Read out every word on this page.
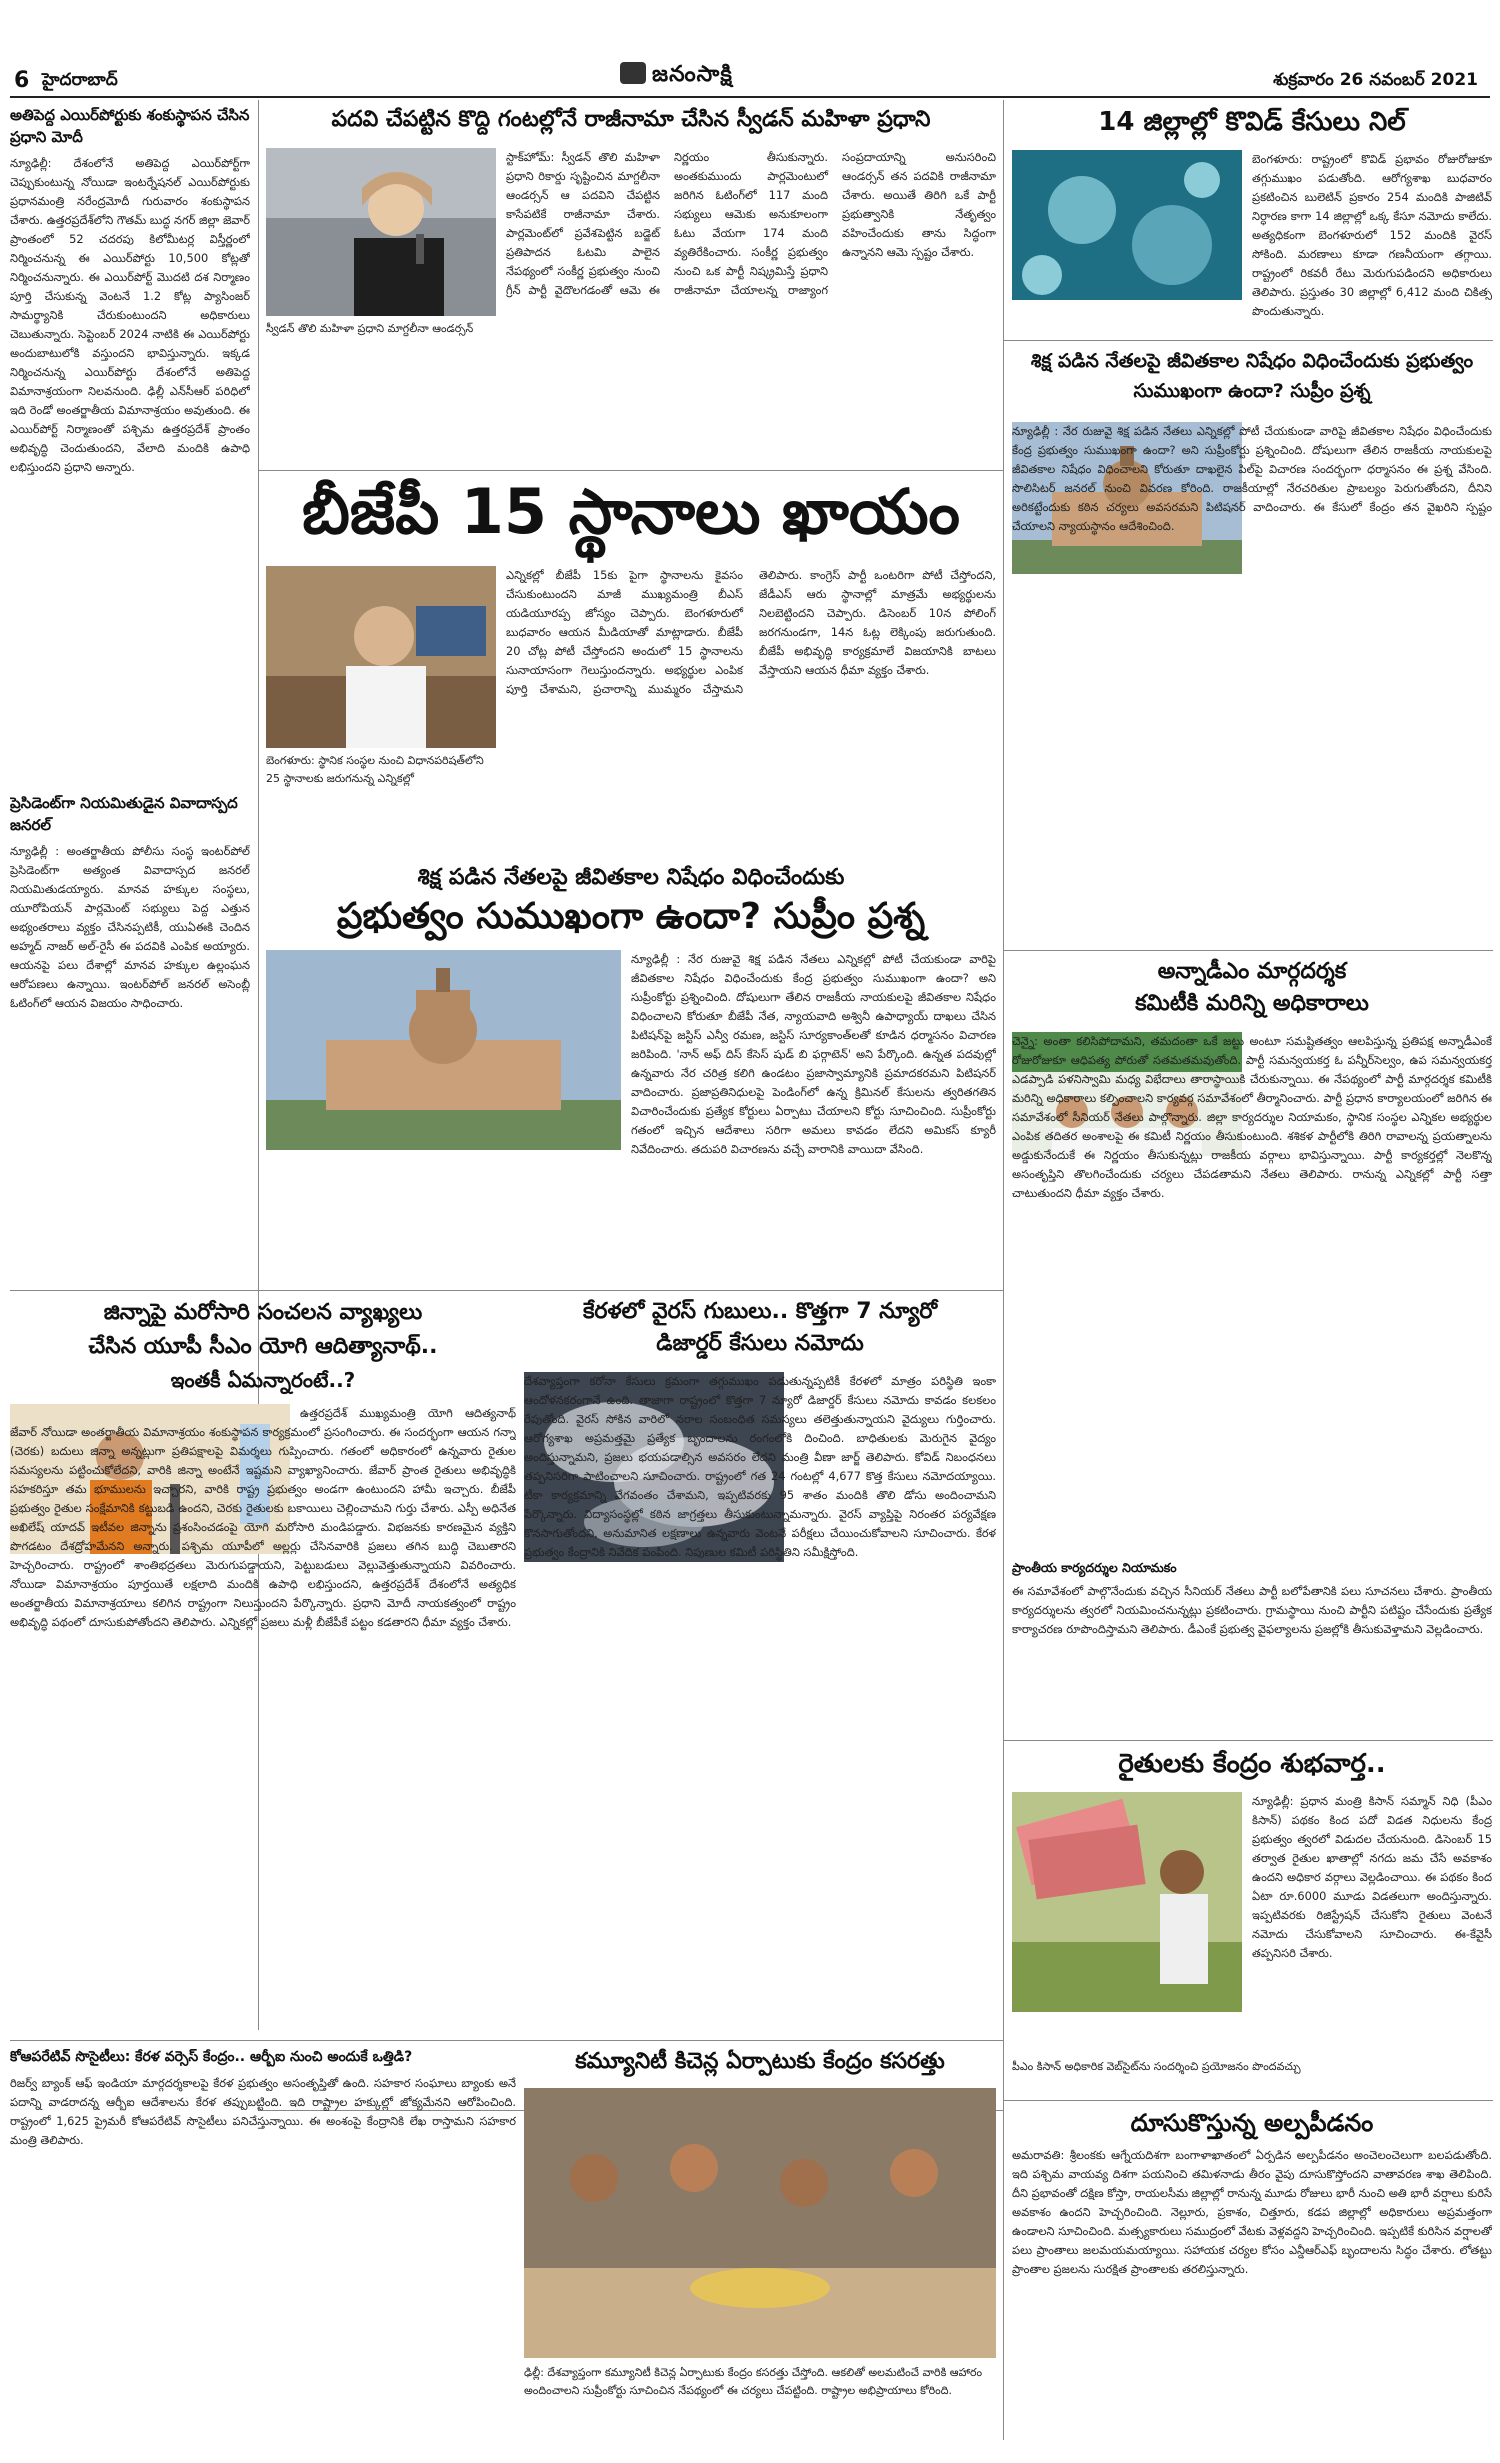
6 హైదరాబాద్	జనంసాక్షి	శుక్రవారం 26 నవంబర్ 2021
అతిపెద్ద ఎయిర్‌పోర్టుకు శంకుస్థాపన చేసిన ప్రధాని మోదీ
న్యూఢిల్లీ: దేశంలోనే అతిపెద్ద ఎయిర్‌పోర్ట్‌గా చెప్పుకుంటున్న నోయిడా ఇంటర్నేషనల్ ఎయిర్‌పోర్టుకు ప్రధానమంత్రి నరేంద్రమోదీ గురువారం శంకుస్థాపన చేశారు. ఉత్తరప్రదేశ్‌లోని గౌతమ్ బుద్ధ నగర్ జిల్లా జెవార్ ప్రాంతంలో 52 చదరపు కిలోమీటర్ల విస్తీర్ణంలో నిర్మించనున్న ఈ ఎయిర్‌పోర్టు 10,500 కోట్లతో నిర్మించనున్నారు. ఈ ఎయిర్‌పోర్ట్ మొదటి దశ నిర్మాణం పూర్తి చేసుకున్న వెంటనే 1.2 కోట్ల ప్యాసింజర్ సామర్థ్యానికి చేరుకుంటుందని అధికారులు చెబుతున్నారు. సెప్టెంబర్ 2024 నాటికి ఈ ఎయిర్‌పోర్టు అందుబాటులోకి వస్తుందని భావిస్తున్నారు. ఇక్కడ నిర్మించనున్న ఎయిర్‌పోర్టు దేశంలోనే అతిపెద్ద విమానాశ్రయంగా నిలవనుంది. ఢిల్లీ ఎన్‌సీఆర్ పరిధిలో ఇది రెండో అంతర్జాతీయ విమానాశ్రయం అవుతుంది. ఈ ఎయిర్‌పోర్ట్ నిర్మాణంతో పశ్చిమ ఉత్తరప్రదేశ్ ప్రాంతం అభివృద్ధి చెందుతుందని, వేలాది మందికి ఉపాధి లభిస్తుందని ప్రధాని అన్నారు.
ప్రెసిడెంట్‌గా నియమితుడైన వివాదాస్పద జనరల్
న్యూఢిల్లీ : అంతర్జాతీయ పోలీసు సంస్థ ఇంటర్‌పోల్ ప్రెసిడెంట్‌గా అత్యంత వివాదాస్పద జనరల్ నియమితుడయ్యారు. మానవ హక్కుల సంస్థలు, యూరోపియన్ పార్లమెంట్ సభ్యులు పెద్ద ఎత్తున అభ్యంతరాలు వ్యక్తం చేసినప్పటికీ, యుఏఈకి చెందిన అహ్మద్ నాజర్ అల్-రైసీ ఈ పదవికి ఎంపిక అయ్యారు. ఆయనపై పలు దేశాల్లో మానవ హక్కుల ఉల్లంఘన ఆరోపణలు ఉన్నాయి. ఇంటర్‌పోల్ జనరల్ అసెంబ్లీ ఓటింగ్‌లో ఆయన విజయం సాధించారు.
పదవి చేపట్టిన కొద్ది గంటల్లోనే రాజీనామా చేసిన స్వీడన్ మహిళా ప్రధాని
స్వీడన్ తొలి మహిళా ప్రధాని మాగ్దలీనా ఆండర్సన్
స్టాక్‌హోమ్: స్వీడన్ తొలి మహిళా ప్రధాని రికార్డు సృష్టించిన మాగ్దలీనా ఆండర్సన్ ఆ పదవిని చేపట్టిన కాసేపటికే రాజీనామా చేశారు. పార్లమెంట్‌లో ప్రవేశపెట్టిన బడ్జెట్ ప్రతిపాదన ఓటమి పాలైన నేపథ్యంలో సంకీర్ణ ప్రభుత్వం నుంచి గ్రీన్ పార్టీ వైదొలగడంతో ఆమె ఈ నిర్ణయం తీసుకున్నారు. అంతకుముందు పార్లమెంటులో జరిగిన ఓటింగ్‌లో 117 మంది సభ్యులు ఆమెకు అనుకూలంగా ఓటు వేయగా 174 మంది వ్యతిరేకించారు. సంకీర్ణ ప్రభుత్వం నుంచి ఒక పార్టీ నిష్క్రమిస్తే ప్రధాని రాజీనామా చేయాలన్న రాజ్యాంగ సంప్రదాయాన్ని అనుసరించి ఆండర్సన్ తన పదవికి రాజీనామా చేశారు. అయితే తిరిగి ఒకే పార్టీ ప్రభుత్వానికి నేతృత్వం వహించేందుకు తాను సిద్ధంగా ఉన్నానని ఆమె స్పష్టం చేశారు.
బీజేపీ 15 స్థానాలు ఖాయం
బెంగళూరు: స్థానిక సంస్థల నుంచి విధానపరిషత్‌లోని 25 స్థానాలకు జరుగనున్న ఎన్నికల్లో
ఎన్నికల్లో బీజేపీ 15కు పైగా స్థానాలను కైవసం చేసుకుంటుందని మాజీ ముఖ్యమంత్రి బీఎస్ యడియూరప్ప జోస్యం చెప్పారు. బెంగళూరులో బుధవారం ఆయన మీడియాతో మాట్లాడారు. బీజేపీ 20 చోట్ల పోటీ చేస్తోందని అందులో 15 స్థానాలను సునాయాసంగా గెలుస్తుందన్నారు. అభ్యర్థుల ఎంపిక పూర్తి చేశామని, ప్రచారాన్ని ముమ్మరం చేస్తామని తెలిపారు. కాంగ్రెస్ పార్టీ ఒంటరిగా పోటీ చేస్తోందని, జేడీఎస్ ఆరు స్థానాల్లో మాత్రమే అభ్యర్థులను నిలబెట్టిందని చెప్పారు. డిసెంబర్ 10న పోలింగ్ జరగనుండగా, 14న ఓట్ల లెక్కింపు జరుగుతుంది. బీజేపీ అభివృద్ధి కార్యక్రమాలే విజయానికి బాటలు వేస్తాయని ఆయన ధీమా వ్యక్తం చేశారు.
శిక్ష పడిన నేతలపై జీవితకాల నిషేధం విధించేందుకు
ప్రభుత్వం సుముఖంగా ఉందా? సుప్రీం ప్రశ్న
న్యూఢిల్లీ : నేర రుజువై శిక్ష పడిన నేతలు ఎన్నికల్లో పోటీ చేయకుండా వారిపై జీవితకాల నిషేధం విధించేందుకు కేంద్ర ప్రభుత్వం సుముఖంగా ఉందా? అని సుప్రీంకోర్టు ప్రశ్నించింది. దోషులుగా తేలిన రాజకీయ నాయకులపై జీవితకాల నిషేధం విధించాలని కోరుతూ బీజేపీ నేత, న్యాయవాది అశ్వినీ ఉపాధ్యాయ్ దాఖలు చేసిన పిటిషన్‌పై జస్టిస్ ఎన్వీ రమణ, జస్టిస్ సూర్యకాంత్‌లతో కూడిన ధర్మాసనం విచారణ జరిపింది. 'నాన్ అఫ్ దిస్ కేసెస్ షుడ్ బి ఫర్గాటెన్' అని పేర్కొంది. ఉన్నత పదవుల్లో ఉన్నవారు నేర చరిత్ర కలిగి ఉండటం ప్రజాస్వామ్యానికి ప్రమాదకరమని పిటిషనర్ వాదించారు. ప్రజాప్రతినిధులపై పెండింగ్‌లో ఉన్న క్రిమినల్ కేసులను త్వరితగతిన విచారించేందుకు ప్రత్యేక కోర్టులు ఏర్పాటు చేయాలని కోర్టు సూచించింది. సుప్రీంకోర్టు గతంలో ఇచ్చిన ఆదేశాలు సరిగా అమలు కావడం లేదని అమికస్ క్యూరీ నివేదించారు. తదుపరి విచారణను వచ్చే వారానికి వాయిదా వేసింది.
జిన్నాపై మరోసారి సంచలన వ్యాఖ్యలు
చేసిన యూపీ సీఎం యోగి ఆదిత్యానాథ్..
ఇంతకీ ఏమన్నారంటే..?
ఉత్తరప్రదేశ్ ముఖ్యమంత్రి యోగి ఆదిత్యనాథ్ జేవార్ నోయిడా అంతర్జాతీయ విమానాశ్రయం శంకుస్థాపన కార్యక్రమంలో ప్రసంగించారు. ఈ సందర్భంగా ఆయన గన్నా (చెరకు) బదులు జిన్నా అన్నట్లుగా ప్రతిపక్షాలపై విమర్శలు గుప్పించారు. గతంలో అధికారంలో ఉన్నవారు రైతుల సమస్యలను పట్టించుకోలేదని, వారికి జిన్నా అంటేనే ఇష్టమని వ్యాఖ్యానించారు. జేవార్ ప్రాంత రైతులు అభివృద్ధికి సహకరిస్తూ తమ భూములను ఇచ్చారని, వారికి రాష్ట్ర ప్రభుత్వం అండగా ఉంటుందని హామీ ఇచ్చారు. బీజేపీ ప్రభుత్వం రైతుల సంక్షేమానికి కట్టుబడి ఉందని, చెరకు రైతులకు బకాయిలు చెల్లించామని గుర్తు చేశారు. ఎస్పీ అధినేత అఖిలేష్ యాదవ్ ఇటీవల జిన్నాను ప్రశంసించడంపై యోగి మరోసారి మండిపడ్డారు. విభజనకు కారణమైన వ్యక్తిని పొగడటం దేశద్రోహమేనని అన్నారు. పశ్చిమ యూపీలో అల్లర్లు చేసినవారికి ప్రజలు తగిన బుద్ధి చెబుతారని హెచ్చరించారు. రాష్ట్రంలో శాంతిభద్రతలు మెరుగుపడ్డాయని, పెట్టుబడులు వెల్లువెత్తుతున్నాయని వివరించారు. నోయిడా విమానాశ్రయం పూర్తయితే లక్షలాది మందికి ఉపాధి లభిస్తుందని, ఉత్తరప్రదేశ్ దేశంలోనే అత్యధిక అంతర్జాతీయ విమానాశ్రయాలు కలిగిన రాష్ట్రంగా నిలుస్తుందని పేర్కొన్నారు. ప్రధాని మోదీ నాయకత్వంలో రాష్ట్రం అభివృద్ధి పథంలో దూసుకుపోతోందని తెలిపారు. ఎన్నికల్లో ప్రజలు మళ్లీ బీజేపీకే పట్టం కడతారని ధీమా వ్యక్తం చేశారు.
కేరళలో వైరస్ గుబులు.. కొత్తగా 7 న్యూరో
డిజార్డర్ కేసులు నమోదు
దేశవ్యాప్తంగా కరోనా కేసులు క్రమంగా తగ్గుముఖం పడుతున్నప్పటికీ కేరళలో మాత్రం పరిస్థితి ఇంకా ఆందోళనకరంగానే ఉంది. తాజాగా రాష్ట్రంలో కొత్తగా 7 న్యూరో డిజార్డర్ కేసులు నమోదు కావడం కలకలం రేపుతోంది. వైరస్ సోకిన వారిలో నరాల సంబంధిత సమస్యలు తలెత్తుతున్నాయని వైద్యులు గుర్తించారు. ఆరోగ్యశాఖ అప్రమత్తమై ప్రత్యేక బృందాలను రంగంలోకి దించింది. బాధితులకు మెరుగైన వైద్యం అందిస్తున్నామని, ప్రజలు భయపడాల్సిన అవసరం లేదని మంత్రి వీణా జార్జ్ తెలిపారు. కోవిడ్ నిబంధనలు తప్పనిసరిగా పాటించాలని సూచించారు. రాష్ట్రంలో గత 24 గంటల్లో 4,677 కొత్త కేసులు నమోదయ్యాయి. టీకా కార్యక్రమాన్ని వేగవంతం చేశామని, ఇప్పటివరకు 95 శాతం మందికి తొలి డోసు అందించామని పేర్కొన్నారు. విద్యాసంస్థల్లో కఠిన జాగ్రత్తలు తీసుకుంటున్నామన్నారు. వైరస్ వ్యాప్తిపై నిరంతర పర్యవేక్షణ కొనసాగుతోందని, అనుమానిత లక్షణాలు ఉన్నవారు వెంటనే పరీక్షలు చేయించుకోవాలని సూచించారు. కేరళ ప్రభుత్వం కేంద్రానికి నివేదిక పంపింది. నిపుణుల కమిటీ పరిస్థితిని సమీక్షిస్తోంది.
14 జిల్లాల్లో కొవిడ్ కేసులు నిల్
బెంగళూరు: రాష్ట్రంలో కొవిడ్ ప్రభావం రోజురోజుకూ తగ్గుముఖం పడుతోంది. ఆరోగ్యశాఖ బుధవారం ప్రకటించిన బులెటిన్ ప్రకారం 254 మందికి పాజిటివ్ నిర్ధారణ కాగా 14 జిల్లాల్లో ఒక్క కేసూ నమోదు కాలేదు. అత్యధికంగా బెంగళూరులో 152 మందికి వైరస్ సోకింది. మరణాలు కూడా గణనీయంగా తగ్గాయి. రాష్ట్రంలో రికవరీ రేటు మెరుగుపడిందని అధికారులు తెలిపారు. ప్రస్తుతం 30 జిల్లాల్లో 6,412 మంది చికిత్స పొందుతున్నారు.
శిక్ష పడిన నేతలపై జీవితకాల నిషేధం విధించేందుకు ప్రభుత్వం సుముఖంగా ఉందా? సుప్రీం ప్రశ్న
న్యూఢిల్లీ : నేర రుజువై శిక్ష పడిన నేతలు ఎన్నికల్లో పోటీ చేయకుండా వారిపై జీవితకాల నిషేధం విధించేందుకు కేంద్ర ప్రభుత్వం సుముఖంగా ఉందా? అని సుప్రీంకోర్టు ప్రశ్నించింది. దోషులుగా తేలిన రాజకీయ నాయకులపై జీవితకాల నిషేధం విధించాలని కోరుతూ దాఖలైన పిల్‌పై విచారణ సందర్భంగా ధర్మాసనం ఈ ప్రశ్న వేసింది. సొలిసిటర్ జనరల్ నుంచి వివరణ కోరింది. రాజకీయాల్లో నేరచరితుల ప్రాబల్యం పెరుగుతోందని, దీనిని అరికట్టేందుకు కఠిన చర్యలు అవసరమని పిటిషనర్ వాదించారు. ఈ కేసులో కేంద్రం తన వైఖరిని స్పష్టం చేయాలని న్యాయస్థానం ఆదేశించింది.
అన్నాడీఎం మార్గదర్శక
కమిటీకి మరిన్ని అధికారాలు
చెన్నై: అంతా కలిసిపోదామని, తమదంతా ఒకే జట్టు అంటూ సమష్టితత్వం ఆలపిస్తున్న ప్రతిపక్ష అన్నాడీఎంకే రోజురోజుకూ ఆధిపత్య పోరుతో సతమతమవుతోంది. పార్టీ సమన్వయకర్త ఓ పన్నీర్‌సెల్వం, ఉప సమన్వయకర్త ఎడప్పాడి పళనిస్వామి మధ్య విభేదాలు తారాస్థాయికి చేరుకున్నాయి. ఈ నేపథ్యంలో పార్టీ మార్గదర్శక కమిటీకి మరిన్ని అధికారాలు కల్పించాలని కార్యవర్గ సమావేశంలో తీర్మానించారు. పార్టీ ప్రధాన కార్యాలయంలో జరిగిన ఈ సమావేశంలో సీనియర్ నేతలు పాల్గొన్నారు. జిల్లా కార్యదర్శుల నియామకం, స్థానిక సంస్థల ఎన్నికల అభ్యర్థుల ఎంపిక తదితర అంశాలపై ఈ కమిటీ నిర్ణయం తీసుకుంటుంది. శశికళ పార్టీలోకి తిరిగి రావాలన్న ప్రయత్నాలను అడ్డుకునేందుకే ఈ నిర్ణయం తీసుకున్నట్లు రాజకీయ వర్గాలు భావిస్తున్నాయి. పార్టీ కార్యకర్తల్లో నెలకొన్న అసంతృప్తిని తొలగించేందుకు చర్యలు చేపడతామని నేతలు తెలిపారు. రానున్న ఎన్నికల్లో పార్టీ సత్తా చాటుతుందని ధీమా వ్యక్తం చేశారు.
ప్రాంతీయ కార్యదర్శుల నియామకం
ఈ సమావేశంలో పాల్గొనేందుకు వచ్చిన సీనియర్ నేతలు పార్టీ బలోపేతానికి పలు సూచనలు చేశారు. ప్రాంతీయ కార్యదర్శులను త్వరలో నియమించనున్నట్లు ప్రకటించారు. గ్రామస్థాయి నుంచి పార్టీని పటిష్టం చేసేందుకు ప్రత్యేక కార్యాచరణ రూపొందిస్తామని తెలిపారు. డీఎంకే ప్రభుత్వ వైఫల్యాలను ప్రజల్లోకి తీసుకువెళ్తామని వెల్లడించారు.
రైతులకు కేంద్రం శుభవార్త..
న్యూఢిల్లీ: ప్రధాన మంత్రి కిసాన్ సమ్మాన్ నిధి (పీఎం కిసాన్) పథకం కింద పదో విడత నిధులను కేంద్ర ప్రభుత్వం త్వరలో విడుదల చేయనుంది. డిసెంబర్ 15 తర్వాత రైతుల ఖాతాల్లో నగదు జమ చేసే అవకాశం ఉందని అధికార వర్గాలు వెల్లడించాయి. ఈ పథకం కింద ఏటా రూ.6000 మూడు విడతలుగా అందిస్తున్నారు. ఇప్పటివరకు రిజిస్ట్రేషన్ చేసుకోని రైతులు వెంటనే నమోదు చేసుకోవాలని సూచించారు. ఈ-కేవైసీ తప్పనిసరి చేశారు.
పీఎం కిసాన్ అధికారిక వెబ్‌సైట్‌ను సందర్శించి ప్రయోజనం పొందవచ్చు
కోఆపరేటివ్ సొసైటీలు: కేరళ వర్సెస్ కేంద్రం.. ఆర్బీఐ నుంచి అందుకే ఒత్తిడి?
రిజర్వ్ బ్యాంక్ ఆఫ్ ఇండియా మార్గదర్శకాలపై కేరళ ప్రభుత్వం అసంతృప్తితో ఉంది. సహకార సంఘాలు బ్యాంకు అనే పదాన్ని వాడరాదన్న ఆర్బీఐ ఆదేశాలను కేరళ తప్పుబట్టింది. ఇది రాష్ట్రాల హక్కుల్లో జోక్యమేనని ఆరోపించింది. రాష్ట్రంలో 1,625 ప్రైమరీ కోఆపరేటివ్ సొసైటీలు పనిచేస్తున్నాయి. ఈ అంశంపై కేంద్రానికి లేఖ రాస్తామని సహకార మంత్రి తెలిపారు.
కమ్యూనిటీ కిచెన్ల ఏర్పాటుకు కేంద్రం కసరత్తు
ఢిల్లీ: దేశవ్యాప్తంగా కమ్యూనిటీ కిచెన్ల ఏర్పాటుకు కేంద్రం కసరత్తు చేస్తోంది. ఆకలితో అలమటించే వారికి ఆహారం అందించాలని సుప్రీంకోర్టు సూచించిన నేపథ్యంలో ఈ చర్యలు చేపట్టింది. రాష్ట్రాల అభిప్రాయాలు కోరింది.
దూసుకొస్తున్న అల్పపీడనం
అమరావతి: శ్రీలంకకు ఆగ్నేయదిశగా బంగాళాఖాతంలో ఏర్పడిన అల్పపీడనం అంచెలంచెలుగా బలపడుతోంది. ఇది పశ్చిమ వాయవ్య దిశగా పయనించి తమిళనాడు తీరం వైపు దూసుకొస్తోందని వాతావరణ శాఖ తెలిపింది. దీని ప్రభావంతో దక్షిణ కోస్తా, రాయలసీమ జిల్లాల్లో రానున్న మూడు రోజులు భారీ నుంచి అతి భారీ వర్షాలు కురిసే అవకాశం ఉందని హెచ్చరించింది. నెల్లూరు, ప్రకాశం, చిత్తూరు, కడప జిల్లాల్లో అధికారులు అప్రమత్తంగా ఉండాలని సూచించింది. మత్స్యకారులు సముద్రంలో వేటకు వెళ్లవద్దని హెచ్చరించింది. ఇప్పటికే కురిసిన వర్షాలతో పలు ప్రాంతాలు జలమయమయ్యాయి. సహాయక చర్యల కోసం ఎన్డీఆర్ఎఫ్ బృందాలను సిద్ధం చేశారు. లోతట్టు ప్రాంతాల ప్రజలను సురక్షిత ప్రాంతాలకు తరలిస్తున్నారు.
